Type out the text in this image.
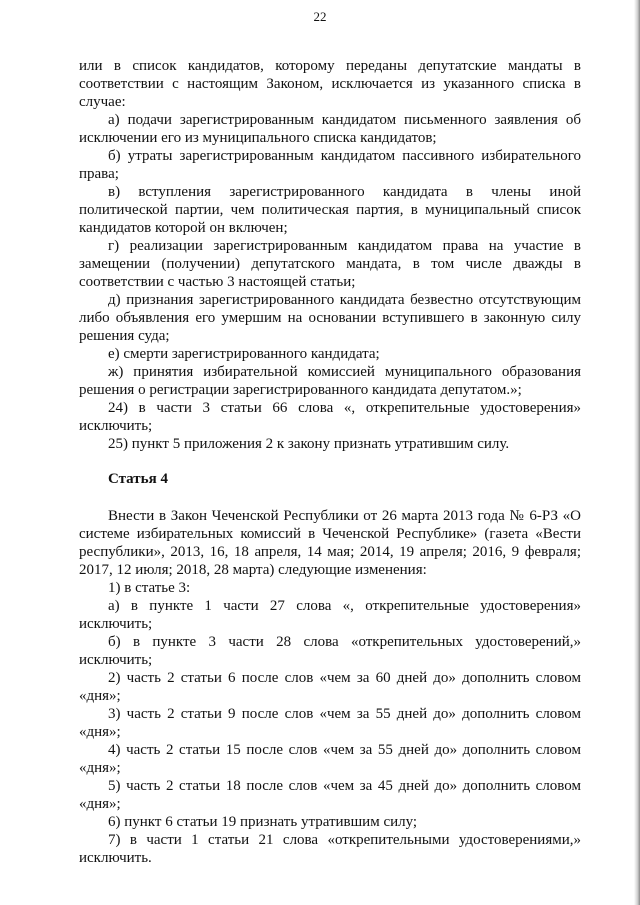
22

или в список кандидатов, которому переданы депутатские мандаты в соответствии с настоящим Законом, исключается из указанного списка в случае:

а) подачи зарегистрированным кандидатом письменного заявления об исключении его из муниципального списка кандидатов;

б) утраты зарегистрированным кандидатом пассивного избирательного права;

в) вступления зарегистрированного кандидата в члены иной политической партии, чем политическая партия, в муниципальный список кандидатов которой он включен;

г) реализации зарегистрированным кандидатом права на участие в замещении (получении) депутатского мандата, в том числе дважды в соответствии с частью 3 настоящей статьи;

д) признания зарегистрированного кандидата безвестно отсутствующим либо объявления его умершим на основании вступившего в законную силу решения суда;

е) смерти зарегистрированного кандидата;

ж) принятия избирательной комиссией муниципального образования решения о регистрации зарегистрированного кандидата депутатом.»;

24) в части 3 статьи 66 слова «, открепительные удостоверения» исключить;

25) пункт 5 приложения 2 к закону признать утратившим силу.

Статья 4

Внести в Закон Чеченской Республики от 26 марта 2013 года № 6-РЗ «О системе избирательных комиссий в Чеченской Республике» (газета «Вести республики», 2013, 16, 18 апреля, 14 мая; 2014, 19 апреля; 2016, 9 февраля; 2017, 12 июля; 2018, 28 марта) следующие изменения:

1) в статье 3:

а) в пункте 1 части 27 слова «, открепительные удостоверения» исключить;

б) в пункте 3 части 28 слова «открепительных удостоверений,» исключить;

2) часть 2 статьи 6 после слов «чем за 60 дней до» дополнить словом «дня»;

3) часть 2 статьи 9 после слов «чем за 55 дней до» дополнить словом «дня»;

4) часть 2 статьи 15 после слов «чем за 55 дней до» дополнить словом «дня»;

5) часть 2 статьи 18 после слов «чем за 45 дней до» дополнить словом «дня»;

6) пункт 6 статьи 19 признать утратившим силу;

7) в части 1 статьи 21 слова «открепительными удостоверениями,» исключить.
